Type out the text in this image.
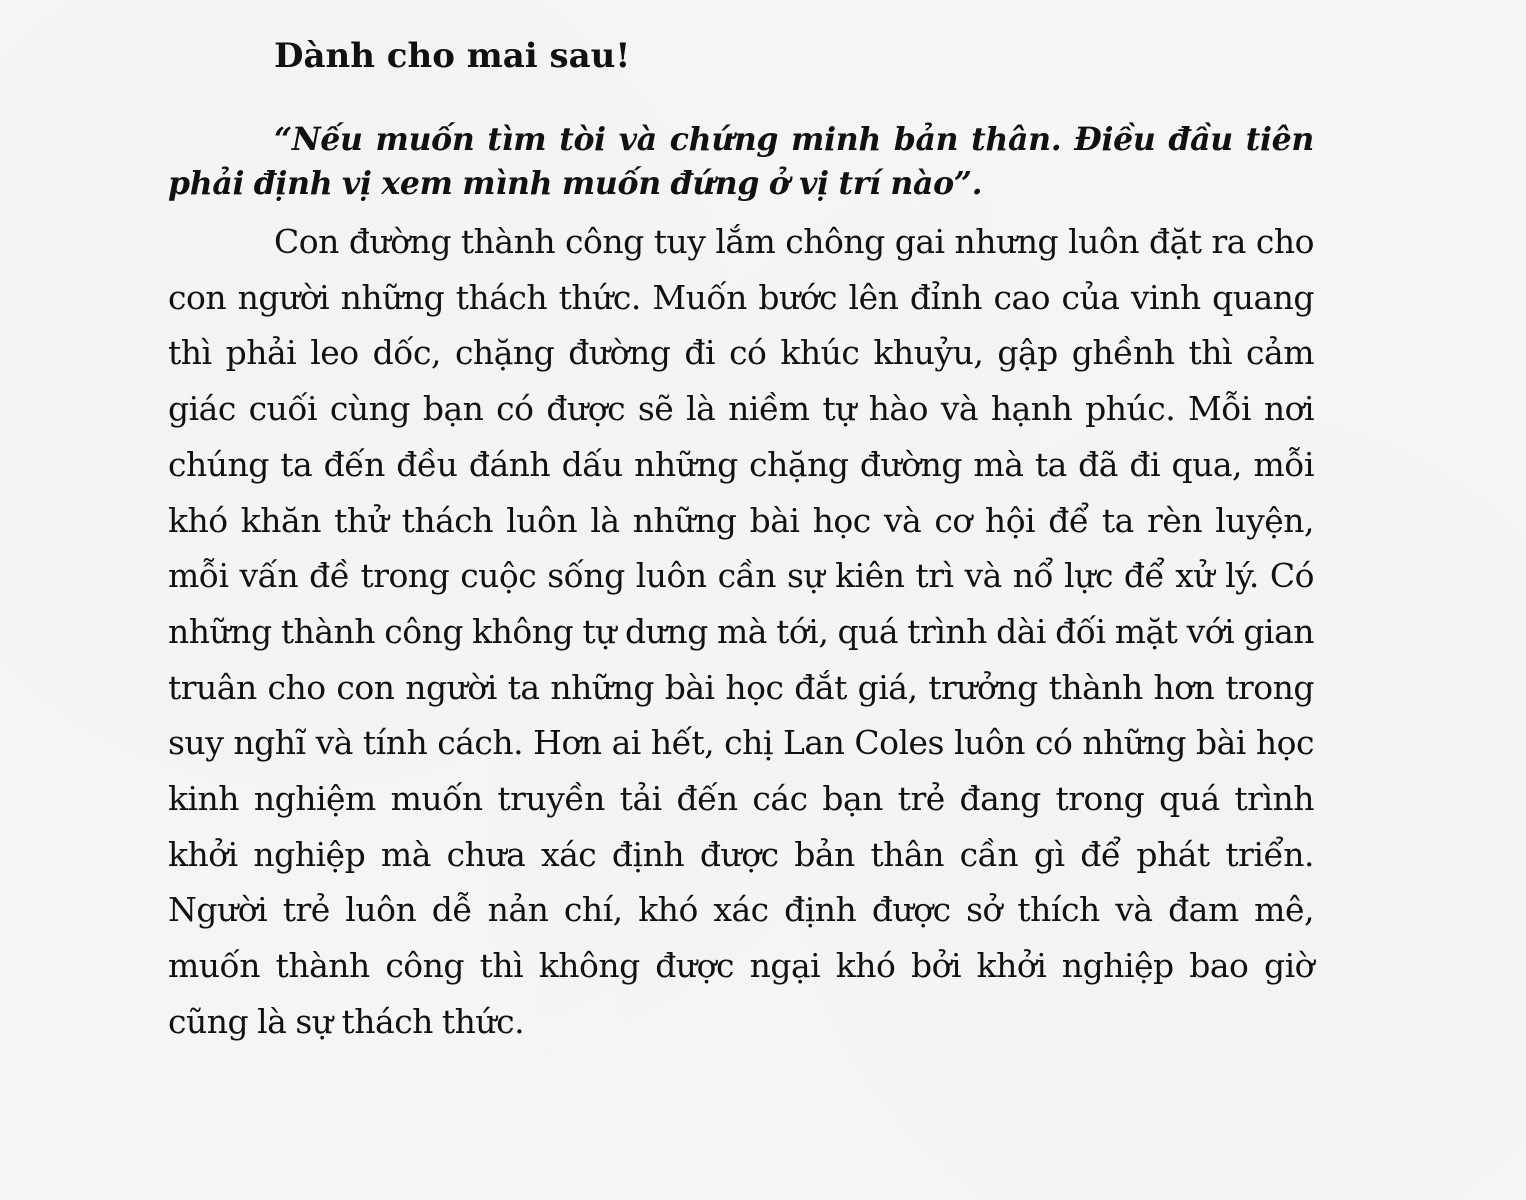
Dành cho mai sau!

“Nếu muốn tìm tòi và chứng minh bản thân. Điều đầu tiên phải định vị xem mình muốn đứng ở vị trí nào”.

Con đường thành công tuy lắm chông gai nhưng luôn đặt ra cho con người những thách thức. Muốn bước lên đỉnh cao của vinh quang thì phải leo dốc, chặng đường đi có khúc khuỷu, gập ghềnh thì cảm giác cuối cùng bạn có được sẽ là niềm tự hào và hạnh phúc. Mỗi nơi chúng ta đến đều đánh dấu những chặng đường mà ta đã đi qua, mỗi khó khăn thử thách luôn là những bài học và cơ hội để ta rèn luyện, mỗi vấn đề trong cuộc sống luôn cần sự kiên trì và nổ lực để xử lý. Có những thành công không tự dưng mà tới, quá trình dài đối mặt với gian truân cho con người ta những bài học đắt giá, trưởng thành hơn trong suy nghĩ và tính cách. Hơn ai hết, chị Lan Coles luôn có những bài học kinh nghiệm muốn truyền tải đến các bạn trẻ đang trong quá trình khởi nghiệp mà chưa xác định được bản thân cần gì để phát triển. Người trẻ luôn dễ nản chí, khó xác định được sở thích và đam mê, muốn thành công thì không được ngại khó bởi khởi nghiệp bao giờ cũng là sự thách thức.
